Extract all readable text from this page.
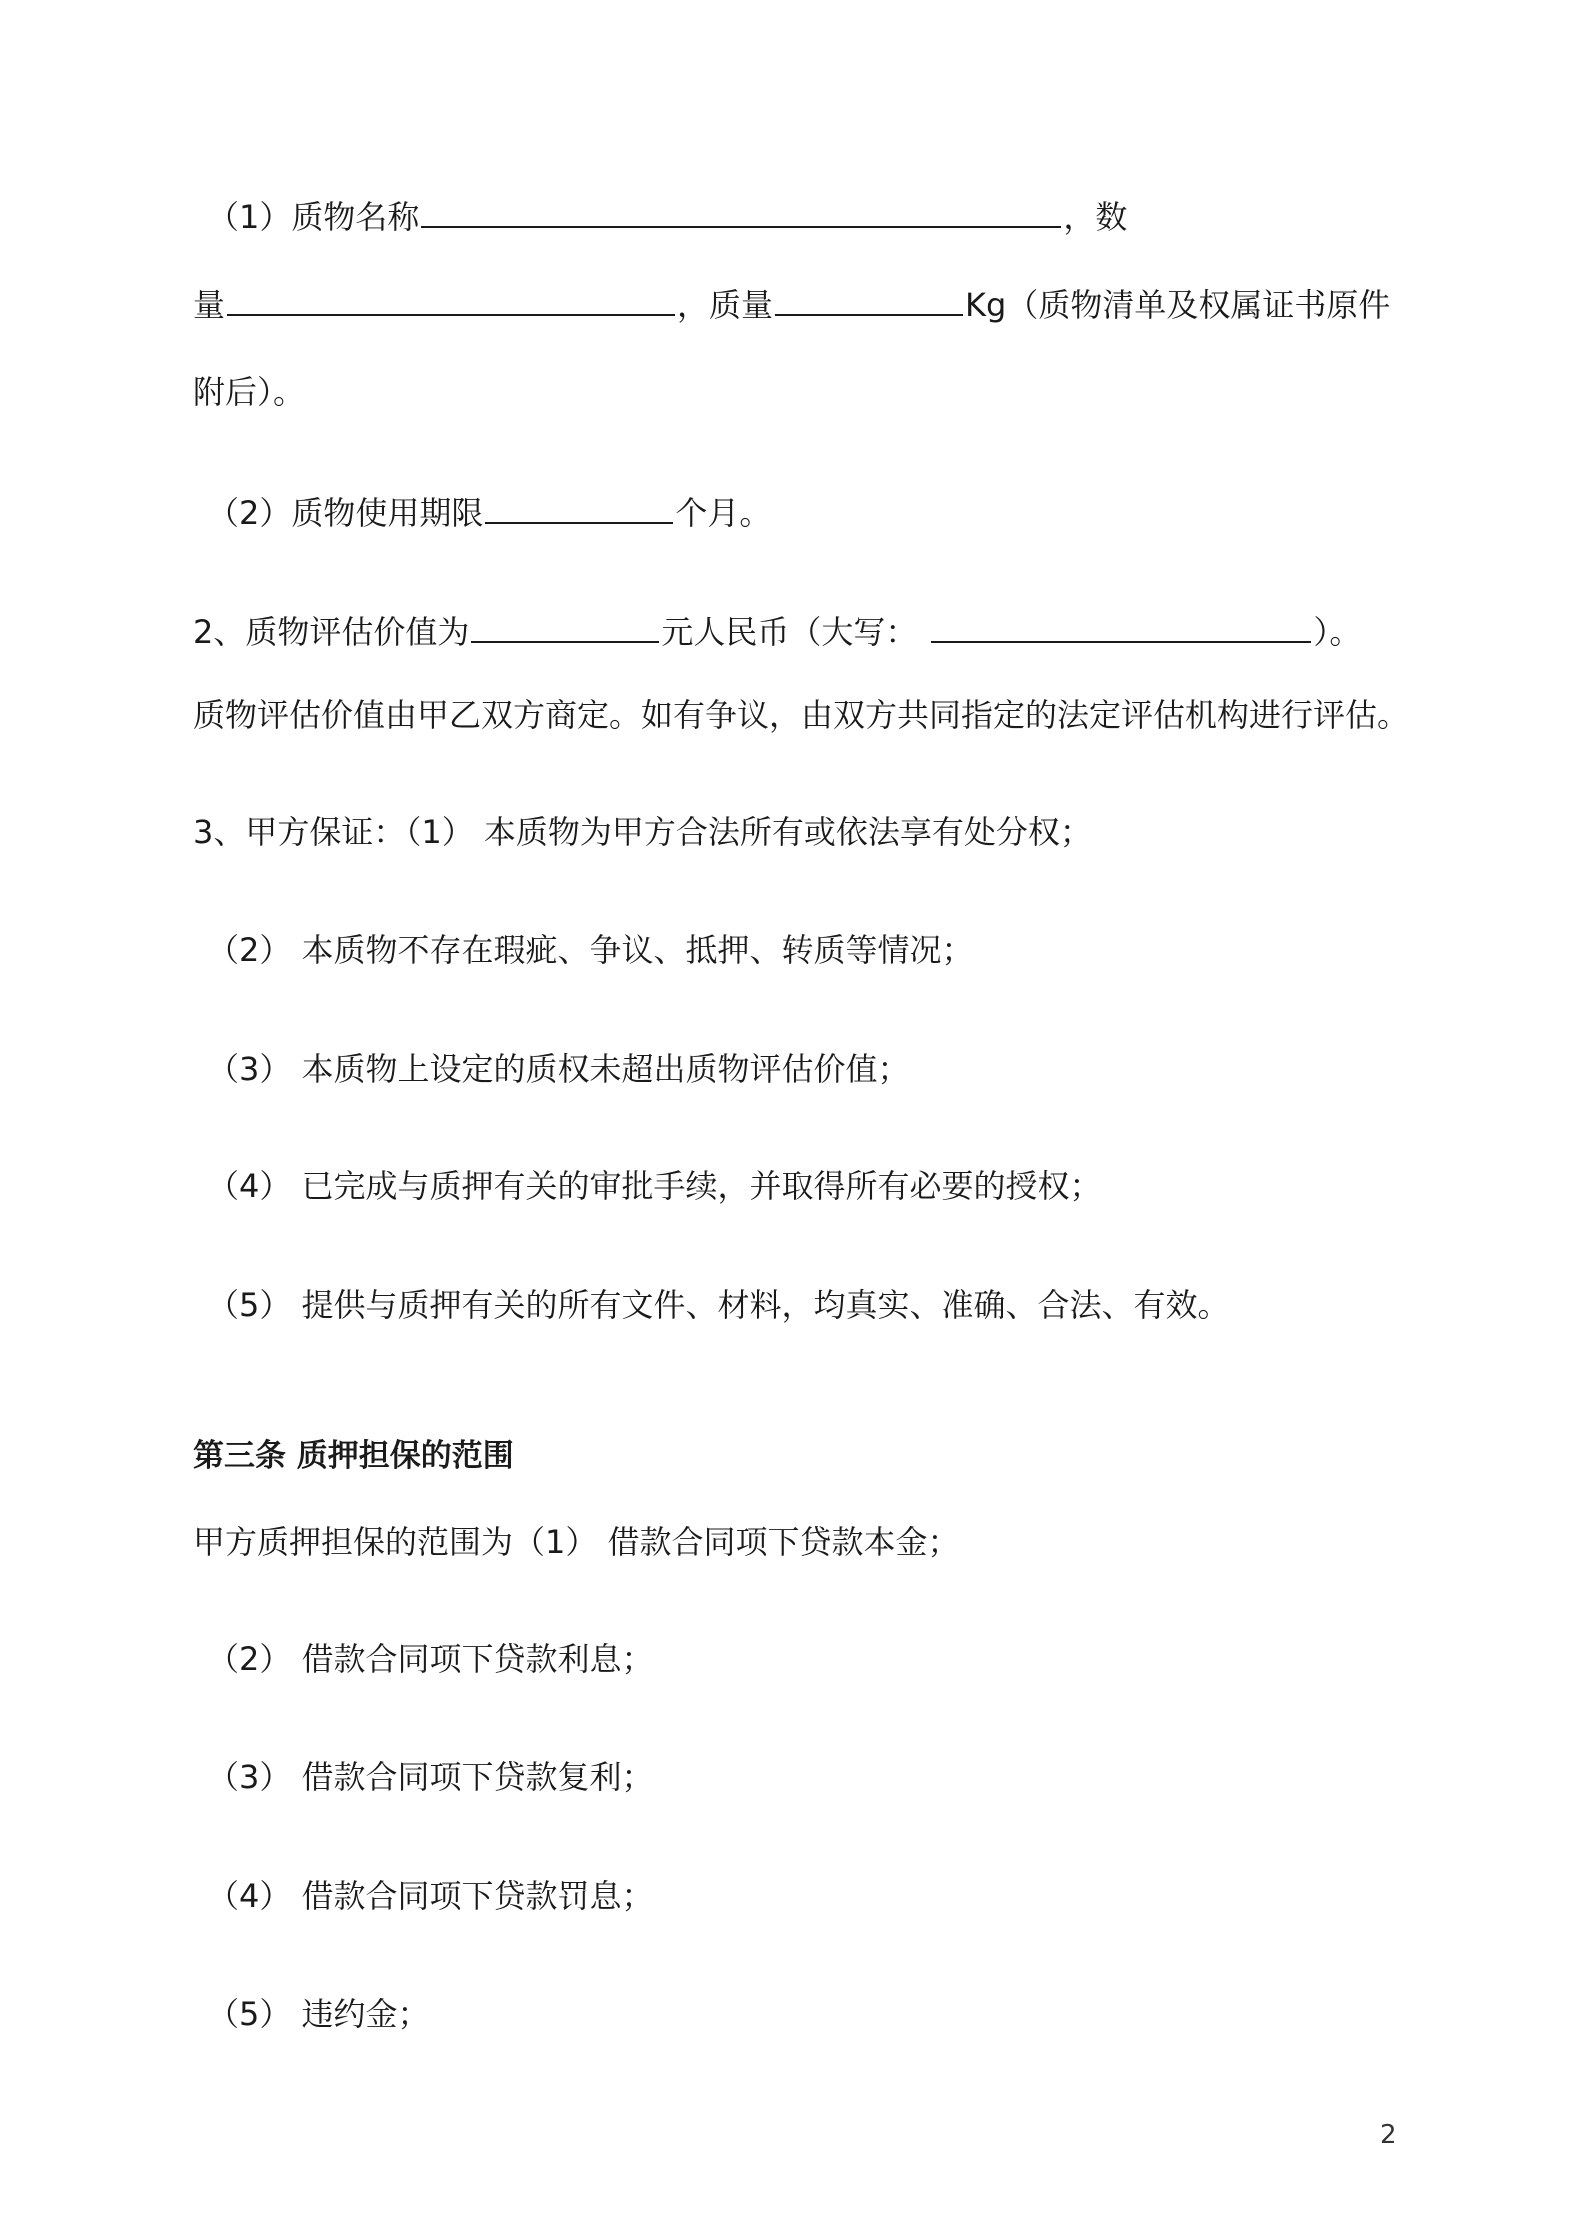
（1）质物名称	，数
量	，质量	Kg（质物清单及权属证书原件
附后）。
（2）质物使用期限	个月。
2、质物评估价值为	元人民币（大写：	）。
质物评估价值由甲乙双方商定。如有争议，由双方共同指定的法定评估机构进行评估。
3、甲方保证：（1） 本质物为甲方合法所有或依法享有处分权；
（2） 本质物不存在瑕疵、争议、抵押、转质等情况；
（3） 本质物上设定的质权未超出质物评估价值；
（4） 已完成与质押有关的审批手续，并取得所有必要的授权；
（5） 提供与质押有关的所有文件、材料，均真实、准确、合法、有效。
第三条 质押担保的范围
甲方质押担保的范围为（1） 借款合同项下贷款本金；
（2） 借款合同项下贷款利息；
（3） 借款合同项下贷款复利；
（4） 借款合同项下贷款罚息；
（5） 违约金；
2
